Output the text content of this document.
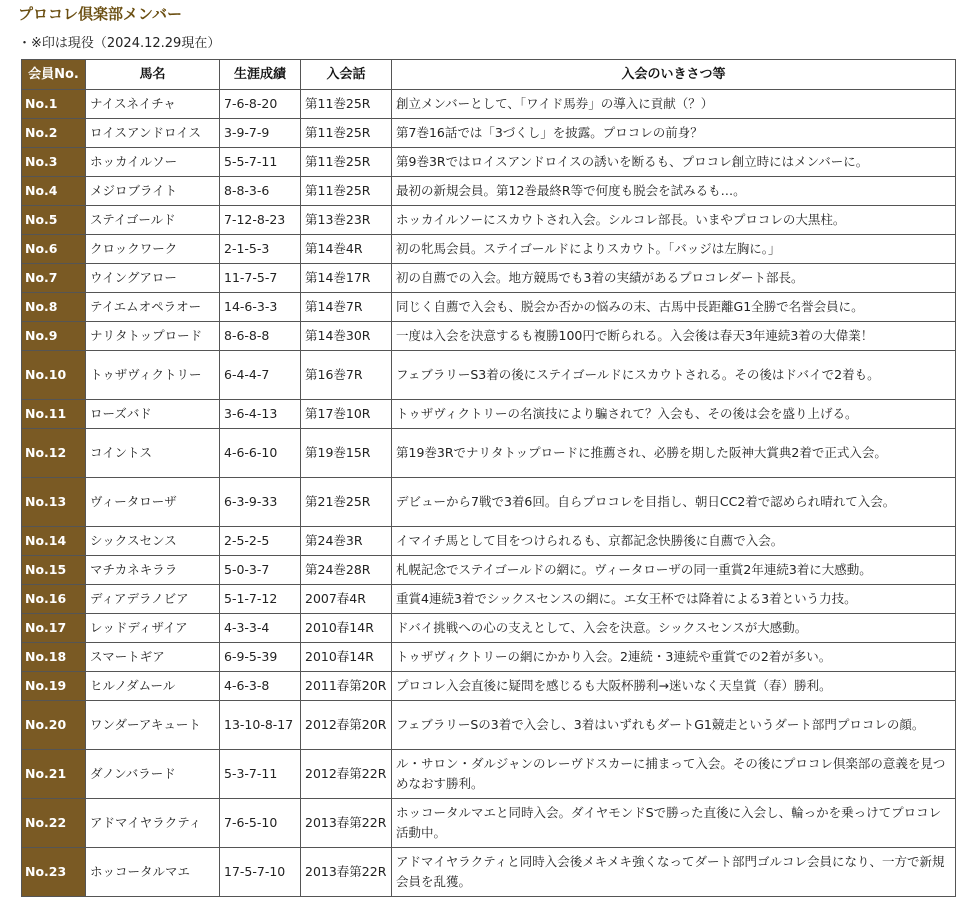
プロコレ倶楽部メンバー
・※印は現役（2024.12.29現在）
会員No.	馬名	生涯成績	入会話	入会のいきさつ等
No.1	ナイスネイチャ	7-6-8-20	第11巻25R	創立メンバーとして、「ワイド馬券」の導入に貢献（？）
No.2	ロイスアンドロイス	3-9-7-9	第11巻25R	第7巻16話では「3づくし」を披露。プロコレの前身？
No.3	ホッカイルソー	5-5-7-11	第11巻25R	第9巻3Rではロイスアンドロイスの誘いを断るも、プロコレ創立時にはメンバーに。
No.4	メジロブライト	8-8-3-6	第11巻25R	最初の新規会員。第12巻最終R等で何度も脱会を試みるも…。
No.5	ステイゴールド	7-12-8-23	第13巻23R	ホッカイルソーにスカウトされ入会。シルコレ部長。いまやプロコレの大黒柱。
No.6	クロックワーク	2-1-5-3	第14巻4R	初の牝馬会員。ステイゴールドによりスカウト。「バッジは左胸に。」
No.7	ウイングアロー	11-7-5-7	第14巻17R	初の自薦での入会。地方競馬でも3着の実績があるプロコレダート部長。
No.8	テイエムオペラオー	14-6-3-3	第14巻7R	同じく自薦で入会も、脱会か否かの悩みの末、古馬中長距離G1全勝で名誉会員に。
No.9	ナリタトップロード	8-6-8-8	第14巻30R	一度は入会を決意するも複勝100円で断られる。入会後は春天3年連続3着の大偉業！
No.10	トゥザヴィクトリー	6-4-4-7	第16巻7R	フェブラリーS3着の後にステイゴールドにスカウトされる。その後はドバイで2着も。
No.11	ローズバド	3-6-4-13	第17巻10R	トゥザヴィクトリーの名演技により騙されて？入会も、その後は会を盛り上げる。
No.12	コイントス	4-6-6-10	第19巻15R	第19巻3Rでナリタトップロードに推薦され、必勝を期した阪神大賞典2着で正式入会。
No.13	ヴィータローザ	6-3-9-33	第21巻25R	デビューから7戦で3着6回。自らプロコレを目指し、朝日CC2着で認められ晴れて入会。
No.14	シックスセンス	2-5-2-5	第24巻3R	イマイチ馬として目をつけられるも、京都記念快勝後に自薦で入会。
No.15	マチカネキララ	5-0-3-7	第24巻28R	札幌記念でステイゴールドの網に。ヴィータローザの同一重賞2年連続3着に大感動。
No.16	ディアデラノビア	5-1-7-12	2007春4R	重賞4連続3着でシックスセンスの網に。エ女王杯では降着による3着という力技。
No.17	レッドディザイア	4-3-3-4	2010春14R	ドバイ挑戦への心の支えとして、入会を決意。シックスセンスが大感動。
No.18	スマートギア	6-9-5-39	2010春14R	トゥザヴィクトリーの網にかかり入会。2連続・3連続や重賞での2着が多い。
No.19	ヒルノダムール	4-6-3-8	2011春第20R	プロコレ入会直後に疑問を感じるも大阪杯勝利→迷いなく天皇賞（春）勝利。
No.20	ワンダーアキュート	13-10-8-17	2012春第20R	フェブラリーSの3着で入会し、3着はいずれもダートG1競走というダート部門プロコレの顔。
No.21	ダノンバラード	5-3-7-11	2012春第22R	ル・サロン・ダルジャンのレーヴドスカーに捕まって入会。その後にプロコレ倶楽部の意義を見つめなおす勝利。
No.22	アドマイヤラクティ	7-6-5-10	2013春第22R	ホッコータルマエと同時入会。ダイヤモンドSで勝った直後に入会し、輪っかを乗っけてプロコレ活動中。
No.23	ホッコータルマエ	17-5-7-10	2013春第22R	アドマイヤラクティと同時入会後メキメキ強くなってダート部門ゴルコレ会員になり、一方で新規会員を乱獲。
